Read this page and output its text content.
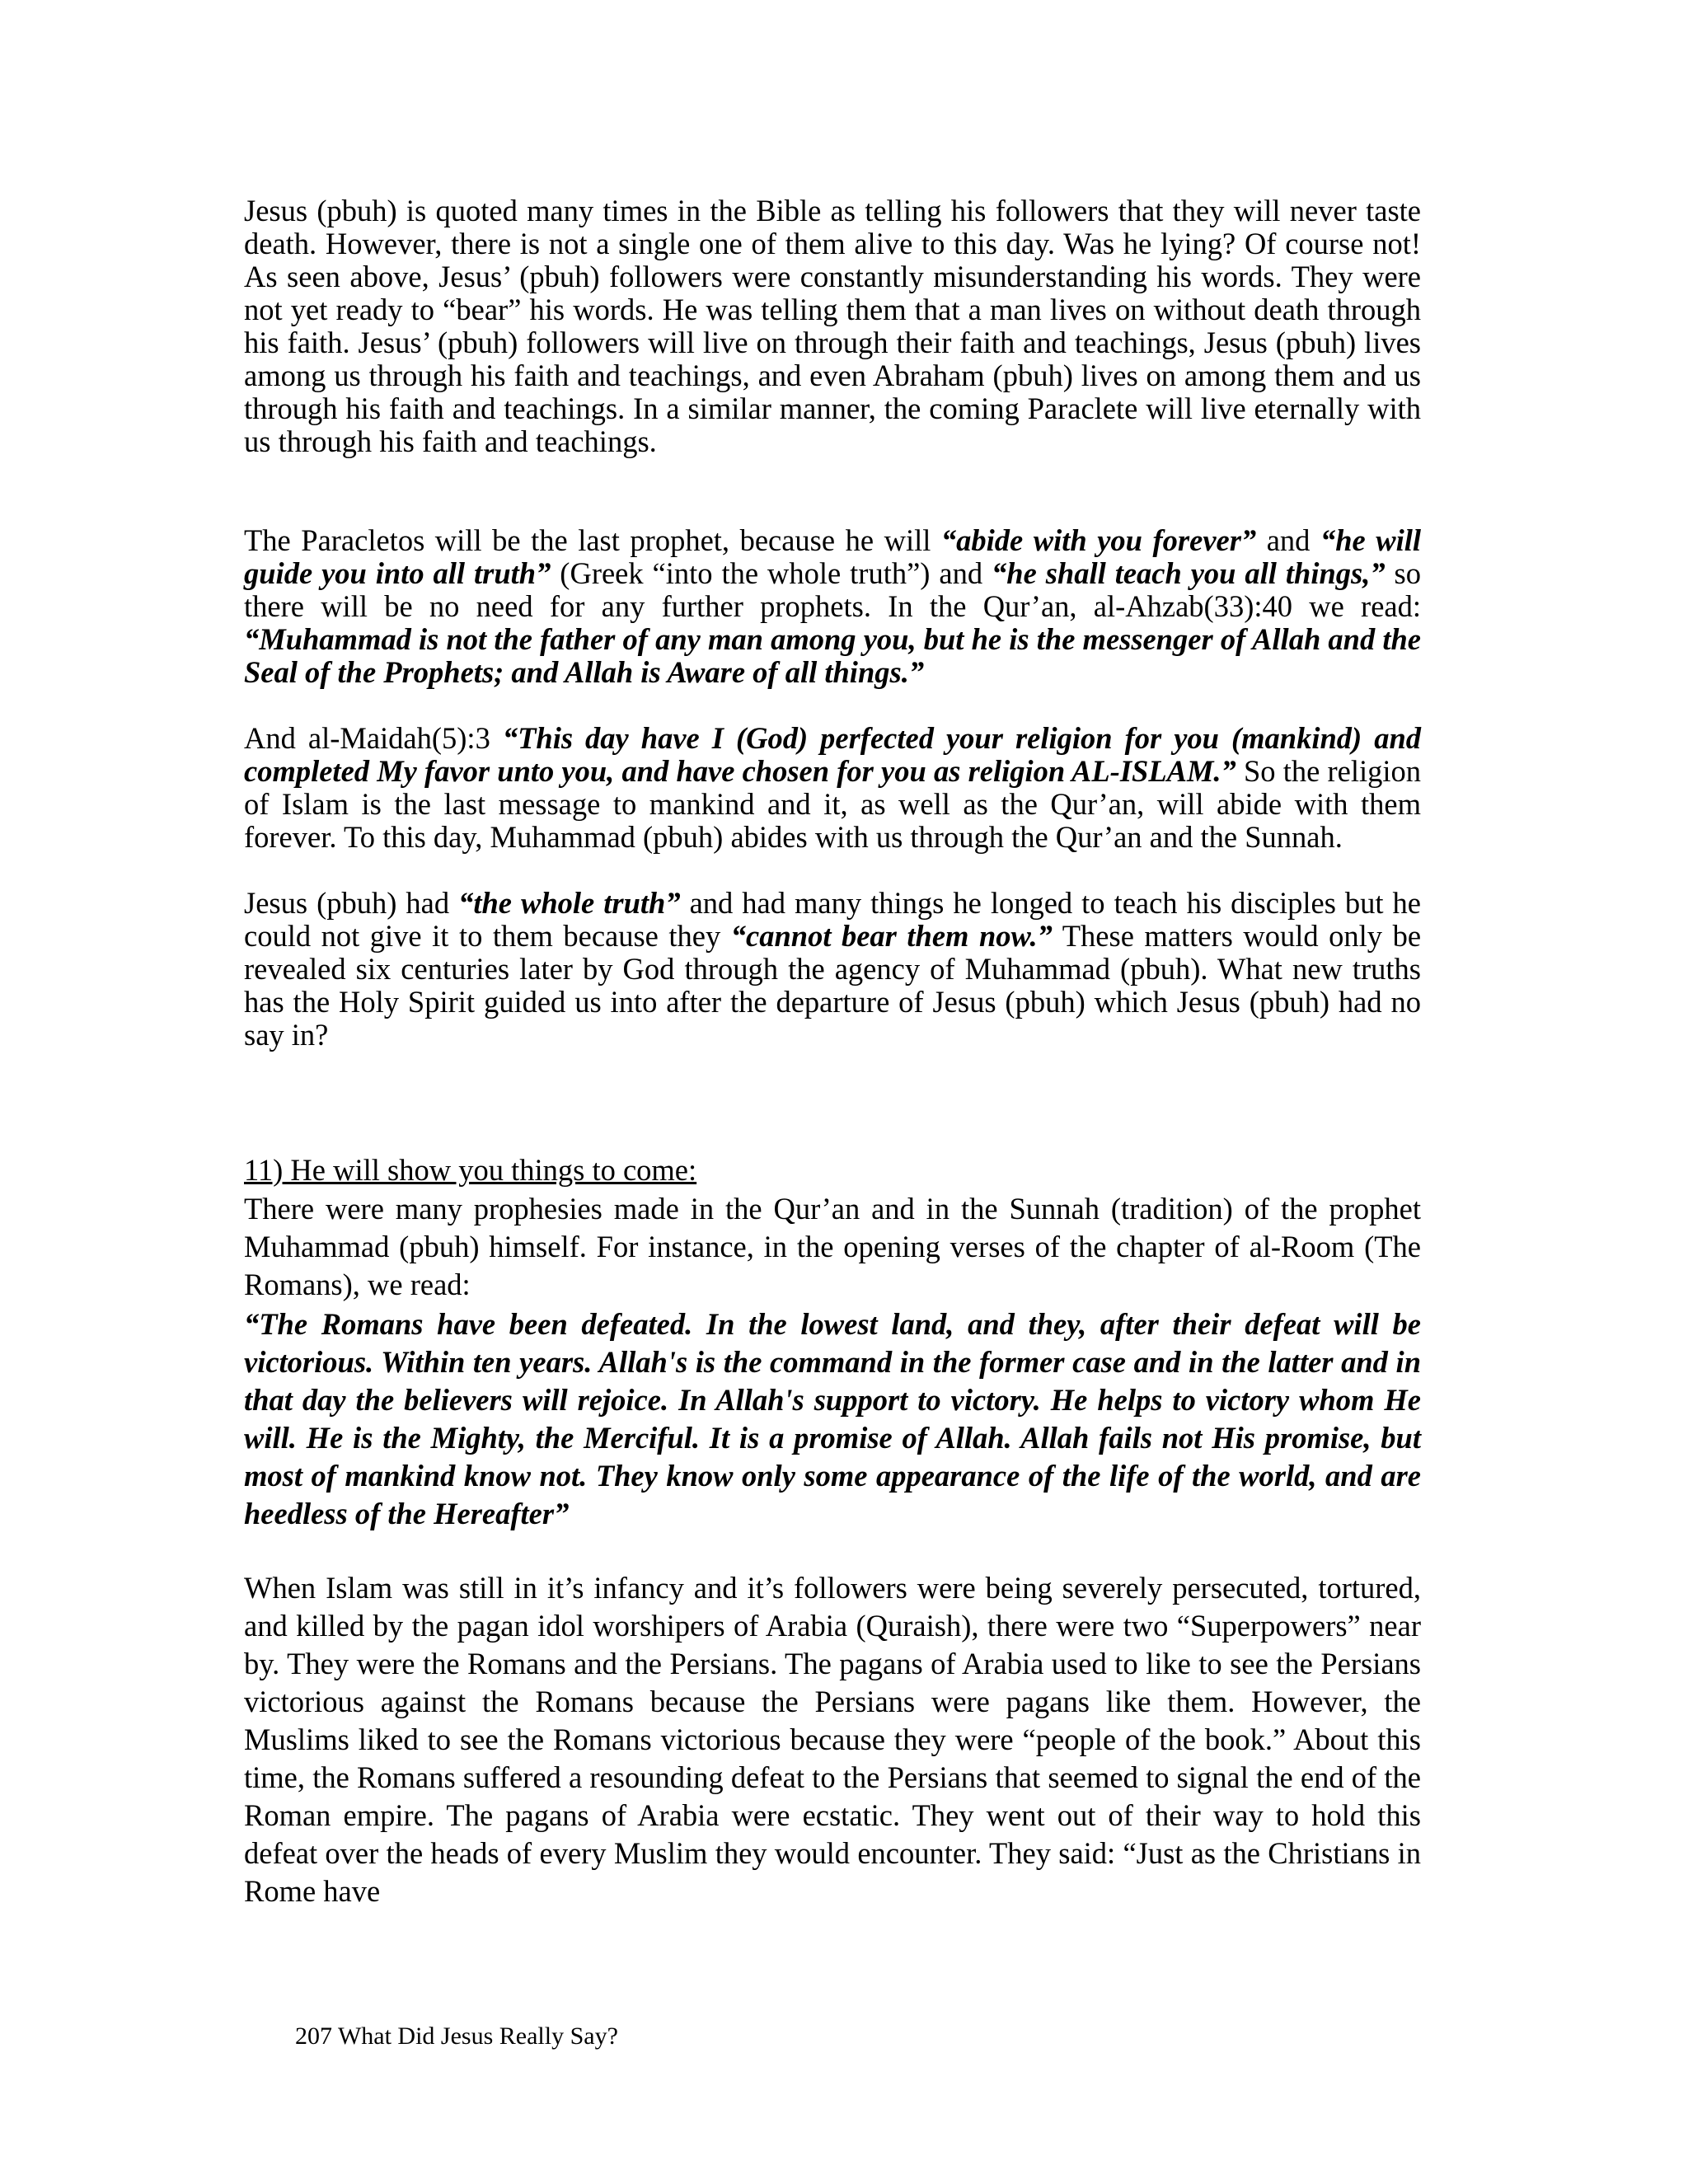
Jesus (pbuh) is quoted many times in the Bible as telling his followers that they will never taste death. However, there is not a single one of them alive to this day. Was he lying? Of course not! As seen above, Jesus’ (pbuh) followers were constantly misunderstanding his words. They were not yet ready to “bear” his words. He was telling them that a man lives on without death through his faith. Jesus’ (pbuh) followers will live on through their faith and teachings, Jesus (pbuh) lives among us through his faith and teachings, and even Abraham (pbuh) lives on among them and us through his faith and teachings. In a similar manner, the coming Paraclete will live eternally with us through his faith and teachings.

The Paracletos will be the last prophet, because he will “abide with you forever” and “he will guide you into all truth” (Greek “into the whole truth”) and “he shall teach you all things,” so there will be no need for any further prophets. In the Qur’an, al-Ahzab(33):40 we read: “Muhammad is not the father of any man among you, but he is the messenger of Allah and the Seal of the Prophets; and Allah is Aware of all things.”

And al-Maidah(5):3 “This day have I (God) perfected your religion for you (mankind) and completed My favor unto you, and have chosen for you as religion AL-ISLAM.” So the religion of Islam is the last message to mankind and it, as well as the Qur’an, will abide with them forever. To this day, Muhammad (pbuh) abides with us through the Qur’an and the Sunnah.

Jesus (pbuh) had “the whole truth” and had many things he longed to teach his disciples but he could not give it to them because they “cannot bear them now.” These matters would only be revealed six centuries later by God through the agency of Muhammad (pbuh). What new truths has the Holy Spirit guided us into after the departure of Jesus (pbuh) which Jesus (pbuh) had no say in?

11) He will show you things to come:

There were many prophesies made in the Qur’an and in the Sunnah (tradition) of the prophet Muhammad (pbuh) himself. For instance, in the opening verses of the chapter of al-Room (The Romans), we read:

“The Romans have been defeated. In the lowest land, and they, after their defeat will be victorious. Within ten years. Allah's is the command in the former case and in the latter and in that day the believers will rejoice. In Allah's support to victory. He helps to victory whom He will. He is the Mighty, the Merciful. It is a promise of Allah. Allah fails not His promise, but most of mankind know not. They know only some appearance of the life of the world, and are heedless of the Hereafter”

When Islam was still in it’s infancy and it’s followers were being severely persecuted, tortured, and killed by the pagan idol worshipers of Arabia (Quraish), there were two “Superpowers” near by. They were the Romans and the Persians. The pagans of Arabia used to like to see the Persians victorious against the Romans because the Persians were pagans like them. However, the Muslims liked to see the Romans victorious because they were “people of the book.” About this time, the Romans suffered a resounding defeat to the Persians that seemed to signal the end of the Roman empire. The pagans of Arabia were ecstatic. They went out of their way to hold this defeat over the heads of every Muslim they would encounter. They said: “Just as the Christians in Rome have

207 What Did Jesus Really Say?
